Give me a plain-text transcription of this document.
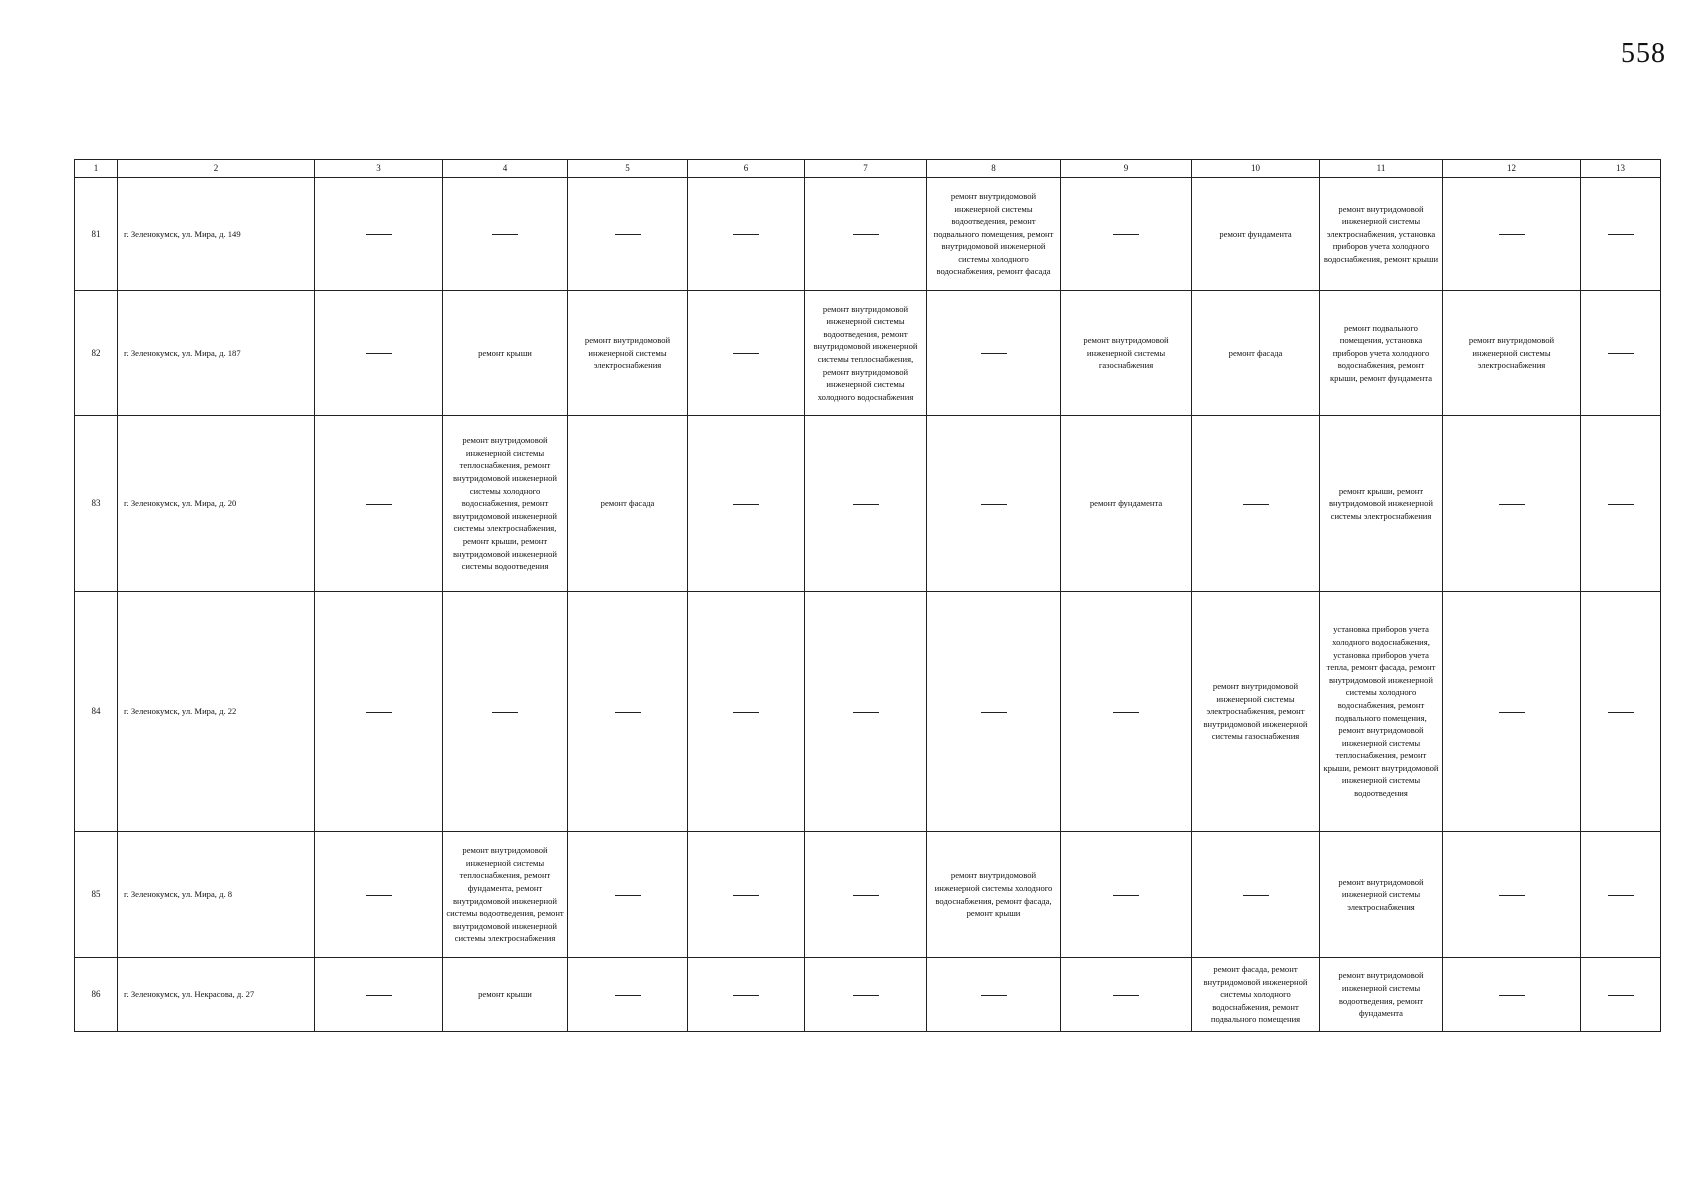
558
1	2	3	4	5	6	7	8	9	10	11	12	13
81	г. Зеленокумск, ул. Мира, д. 149						ремонт внутридомовой инженерной системы водоотведения, ремонт подвального помещения, ремонт внутридомовой инженерной системы холодного водоснабжения, ремонт фасада		ремонт фундамента	ремонт внутридомовой инженерной системы электроснабжения, установка приборов учета холодного водоснабжения, ремонт крыши		
82	г. Зеленокумск, ул. Мира, д. 187		ремонт крыши	ремонт внутридомовой инженерной системы электроснабжения		ремонт внутридомовой инженерной системы водоотведения, ремонт внутридомовой инженерной системы теплоснабжения, ремонт внутридомовой инженерной системы холодного водоснабжения		ремонт внутридомовой инженерной системы газоснабжения	ремонт фасада	ремонт подвального помещения, установка приборов учета холодного водоснабжения, ремонт крыши, ремонт фундамента	ремонт внутридомовой инженерной системы электроснабжения	
83	г. Зеленокумск, ул. Мира, д. 20		ремонт внутридомовой инженерной системы теплоснабжения, ремонт внутридомовой инженерной системы холодного водоснабжения, ремонт внутридомовой инженерной системы электроснабжения, ремонт крыши, ремонт внутридомовой инженерной системы водоотведения	ремонт фасада				ремонт фундамента		ремонт крыши, ремонт внутридомовой инженерной системы электроснабжения		
84	г. Зеленокумск, ул. Мира, д. 22								ремонт внутридомовой инженерной системы электроснабжения, ремонт внутридомовой инженерной системы газоснабжения	установка приборов учета холодного водоснабжения, установка приборов учета тепла, ремонт фасада, ремонт внутридомовой инженерной системы холодного водоснабжения, ремонт подвального помещения, ремонт внутридомовой инженерной системы теплоснабжения, ремонт крыши, ремонт внутридомовой инженерной системы водоотведения		
85	г. Зеленокумск, ул. Мира, д. 8		ремонт внутридомовой инженерной системы теплоснабжения, ремонт фундамента, ремонт внутридомовой инженерной системы водоотведения, ремонт внутридомовой инженерной системы электроснабжения				ремонт внутридомовой инженерной системы холодного водоснабжения, ремонт фасада, ремонт крыши			ремонт внутридомовой инженерной системы электроснабжения		
86	г. Зеленокумск, ул. Некрасова, д. 27		ремонт крыши						ремонт фасада, ремонт внутридомовой инженерной системы холодного водоснабжения, ремонт подвального помещения	ремонт внутридомовой инженерной системы водоотведения, ремонт фундамента		
